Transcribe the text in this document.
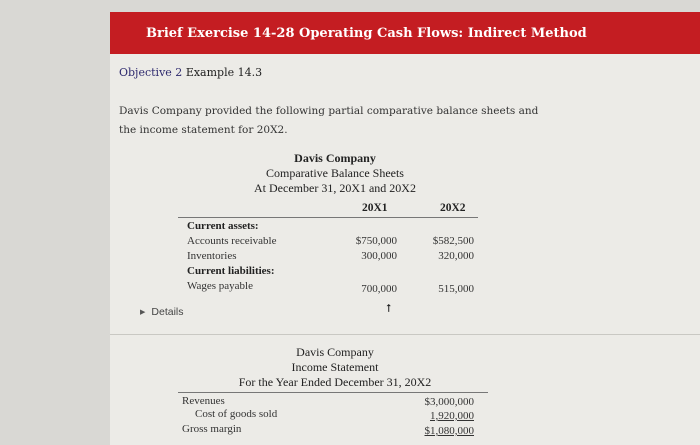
Brief Exercise 14-28 Operating Cash Flows: Indirect Method
Objective 2 Example 14.3
Davis Company provided the following partial comparative balance sheets and the income statement for 20X2.
Davis Company
Comparative Balance Sheets
At December 31, 20X1 and 20X2
20X1	20X2
Current assets:
Accounts receivable	$750,000	$582,500
Inventories	300,000	320,000
Current liabilities:
Wages payable	700,000	515,000
⭡
▶ Details
Davis Company
Income Statement
For the Year Ended December 31, 20X2
Revenues	$3,000,000
Cost of goods sold	1,920,000
Gross margin	$1,080,000
